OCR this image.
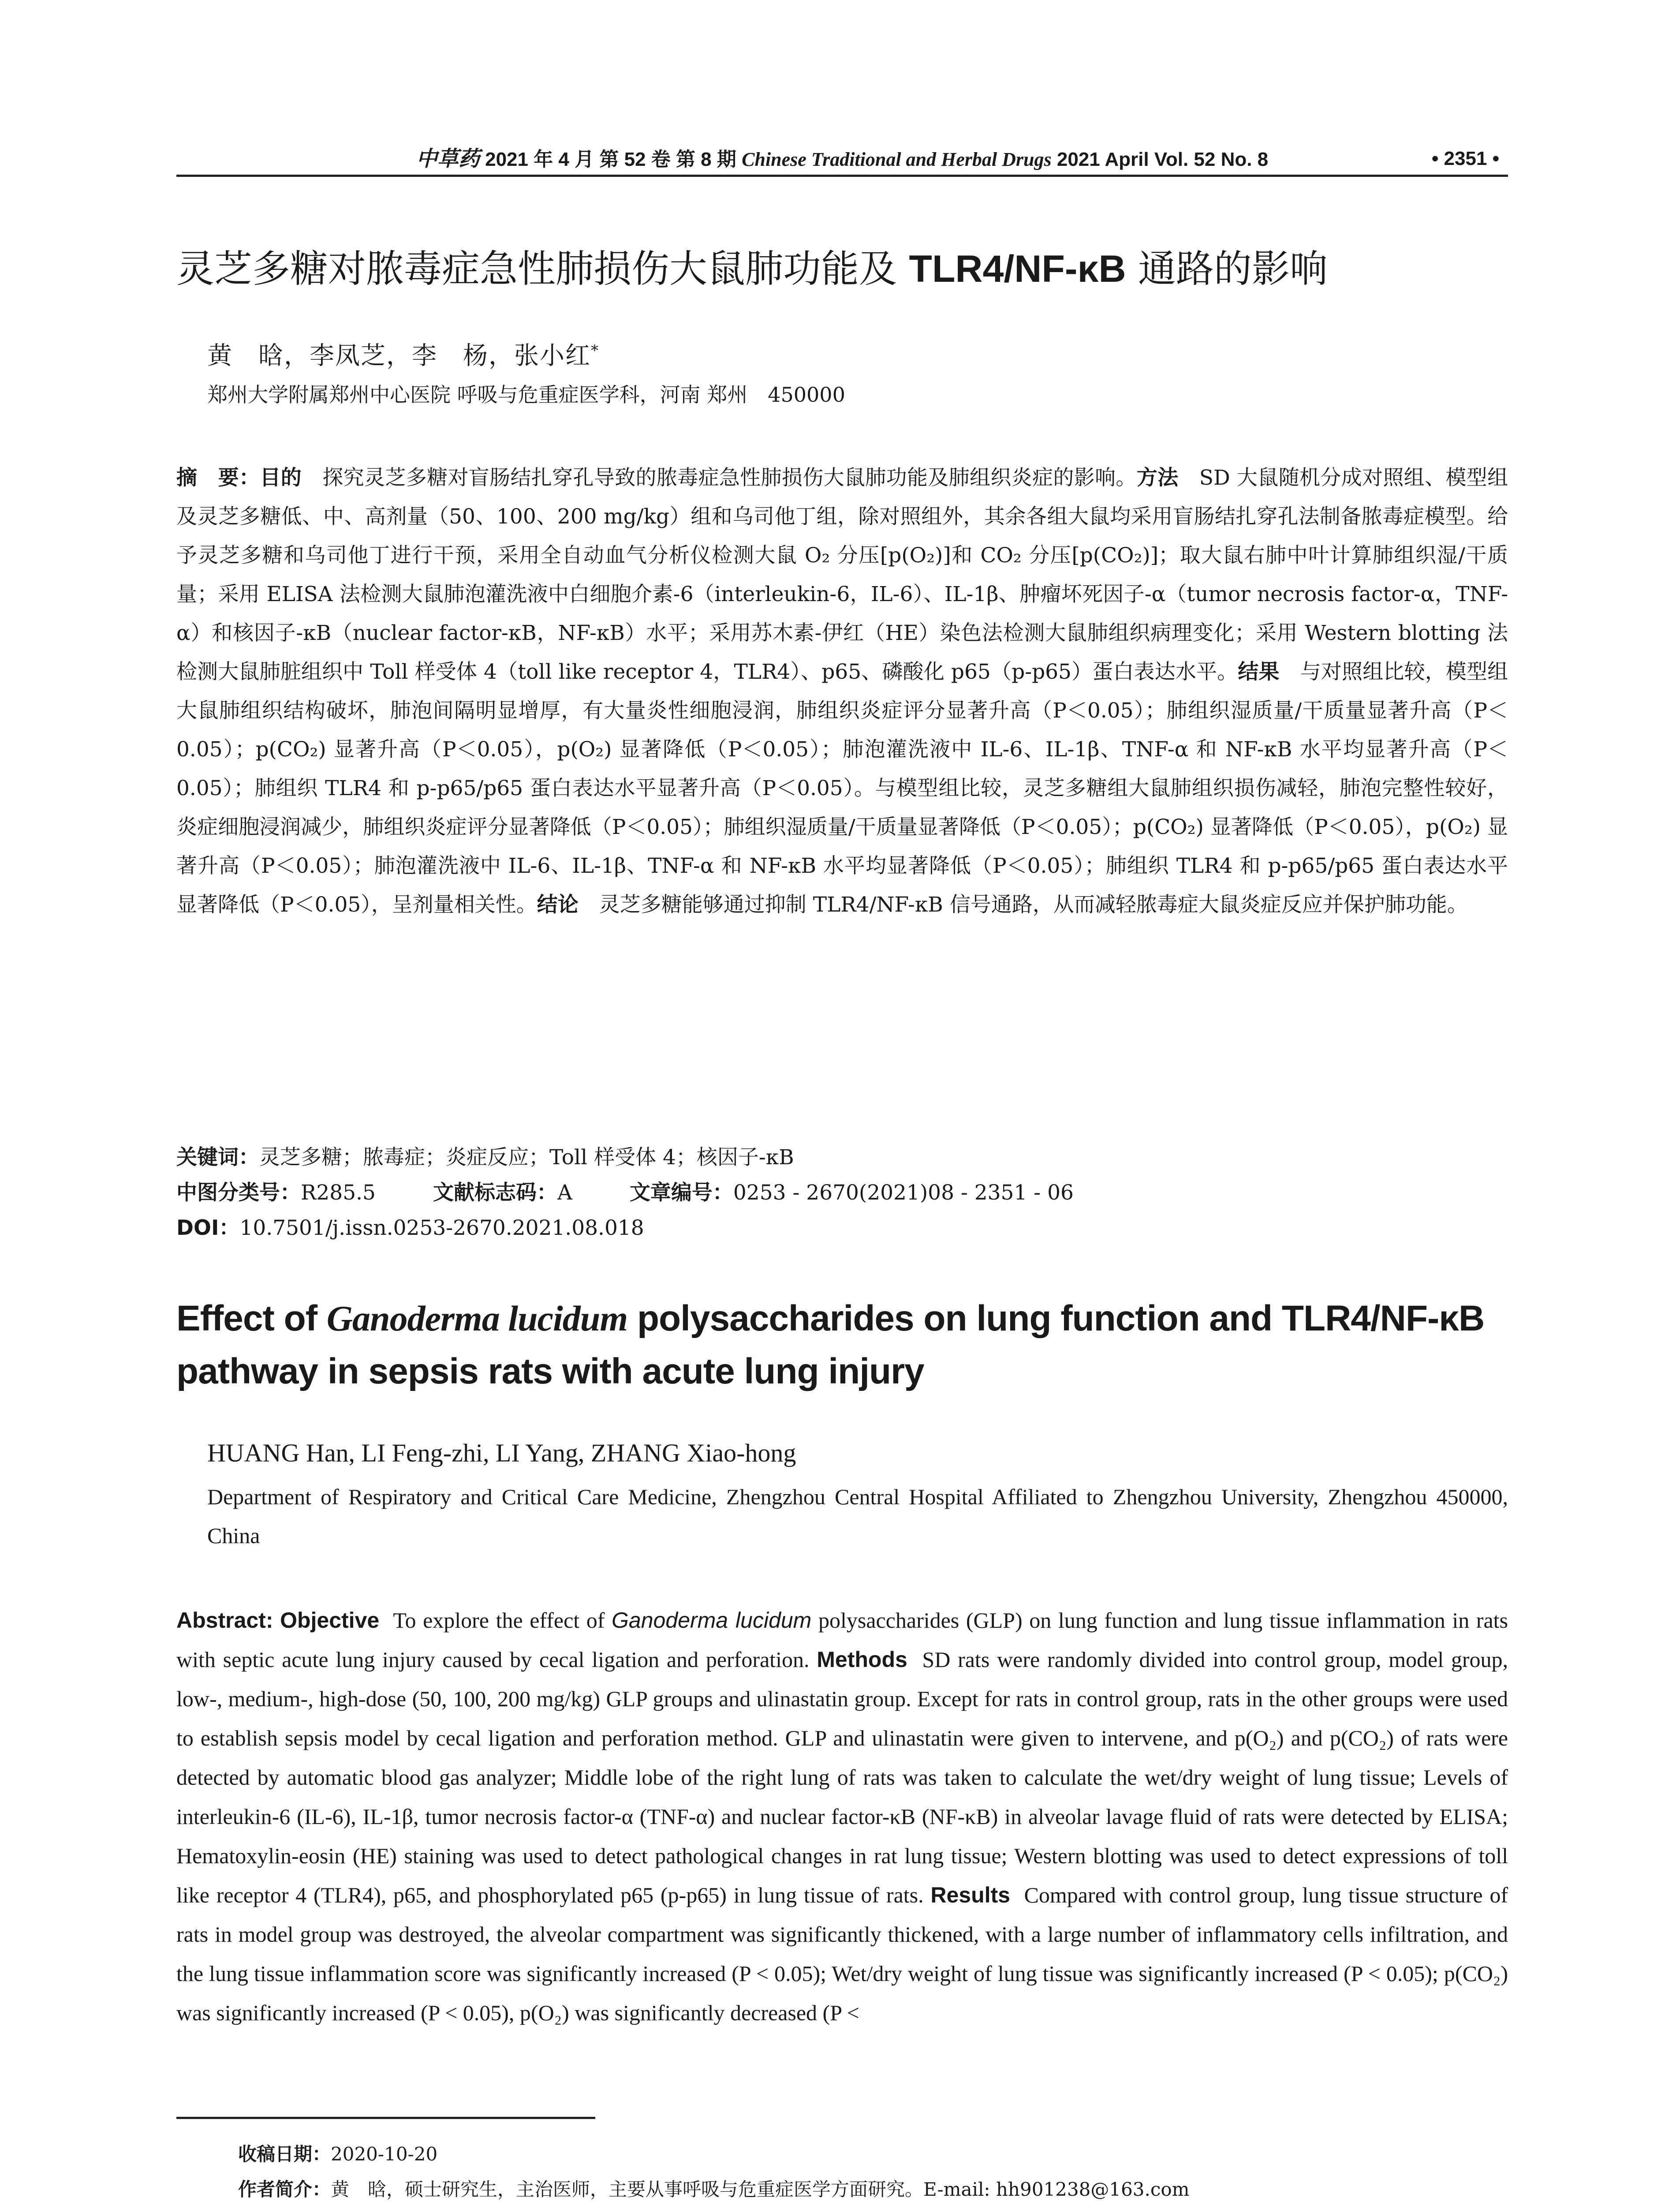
中草药 2021 年 4 月 第 52 卷 第 8 期 Chinese Traditional and Herbal Drugs 2021 April Vol. 52 No. 8	• 2351 •
灵芝多糖对脓毒症急性肺损伤大鼠肺功能及 TLR4/NF-κB 通路的影响
黄　晗，李凤芝，李　杨，张小红*
郑州大学附属郑州中心医院 呼吸与危重症医学科，河南 郑州　450000
摘　要：目的　 探究灵芝多糖对盲肠结扎穿孔导致的脓毒症急性肺损伤大鼠肺功能及肺组织炎症的影响。方法　 SD 大鼠随机分成对照组、模型组及灵芝多糖低、中、高剂量（50、100、200 mg/kg）组和乌司他丁组，除对照组外，其余各组大鼠均采用盲肠结扎穿孔法制备脓毒症模型。给予灵芝多糖和乌司他丁进行干预，采用全自动血气分析仪检测大鼠 O₂ 分压[p(O₂)]和 CO₂ 分压[p(CO₂)]；取大鼠右肺中叶计算肺组织湿/干质量；采用 ELISA 法检测大鼠肺泡灌洗液中白细胞介素-6（interleukin-6，IL-6）、IL-1β、肿瘤坏死因子-α（tumor necrosis factor-α，TNF-α）和核因子-κB（nuclear factor-κB，NF-κB）水平；采用苏木素-伊红（HE）染色法检测大鼠肺组织病理变化；采用 Western blotting 法检测大鼠肺脏组织中 Toll 样受体 4（toll like receptor 4，TLR4）、p65、磷酸化 p65（p-p65）蛋白表达水平。结果　 与对照组比较，模型组大鼠肺组织结构破坏，肺泡间隔明显增厚，有大量炎性细胞浸润，肺组织炎症评分显著升高（P＜0.05）；肺组织湿质量/干质量显著升高（P＜0.05）；p(CO₂) 显著升高（P＜0.05），p(O₂) 显著降低（P＜0.05）；肺泡灌洗液中 IL-6、IL-1β、TNF-α 和 NF-κB 水平均显著升高（P＜0.05）；肺组织 TLR4 和 p-p65/p65 蛋白表达水平显著升高（P＜0.05）。与模型组比较，灵芝多糖组大鼠肺组织损伤减轻，肺泡完整性较好，炎症细胞浸润减少，肺组织炎症评分显著降低（P＜0.05）；肺组织湿质量/干质量显著降低（P＜0.05）；p(CO₂) 显著降低（P＜0.05），p(O₂) 显著升高（P＜0.05）；肺泡灌洗液中 IL-6、IL-1β、TNF-α 和 NF-κB 水平均显著降低（P＜0.05）；肺组织 TLR4 和 p-p65/p65 蛋白表达水平显著降低（P＜0.05），呈剂量相关性。结论　 灵芝多糖能够通过抑制 TLR4/NF-κB 信号通路，从而减轻脓毒症大鼠炎症反应并保护肺功能。
关键词：灵芝多糖；脓毒症；炎症反应；Toll 样受体 4；核因子-κB
中图分类号：R285.5	文献标志码：A	文章编号：0253 - 2670(2021)08 - 2351 - 06
DOI：10.7501/j.issn.0253-2670.2021.08.018
Effect of Ganoderma lucidum polysaccharides on lung function and TLR4/NF-κB pathway in sepsis rats with acute lung injury
HUANG Han, LI Feng-zhi, LI Yang, ZHANG Xiao-hong
Department of Respiratory and Critical Care Medicine, Zhengzhou Central Hospital Affiliated to Zhengzhou University, Zhengzhou 450000, China
Abstract: Objective To explore the effect of Ganoderma lucidum polysaccharides (GLP) on lung function and lung tissue inflammation in rats with septic acute lung injury caused by cecal ligation and perforation. Methods SD rats were randomly divided into control group, model group, low-, medium-, high-dose (50, 100, 200 mg/kg) GLP groups and ulinastatin group. Except for rats in control group, rats in the other groups were used to establish sepsis model by cecal ligation and perforation method. GLP and ulinastatin were given to intervene, and p(O₂) and p(CO₂) of rats were detected by automatic blood gas analyzer; Middle lobe of the right lung of rats was taken to calculate the wet/dry weight of lung tissue; Levels of interleukin-6 (IL-6), IL-1β, tumor necrosis factor-α (TNF-α) and nuclear factor-κB (NF-κB) in alveolar lavage fluid of rats were detected by ELISA; Hematoxylin-eosin (HE) staining was used to detect pathological changes in rat lung tissue; Western blotting was used to detect expressions of toll like receptor 4 (TLR4), p65, and phosphorylated p65 (p-p65) in lung tissue of rats. Results Compared with control group, lung tissue structure of rats in model group was destroyed, the alveolar compartment was significantly thickened, with a large number of inflammatory cells infiltration, and the lung tissue inflammation score was significantly increased (P < 0.05); Wet/dry weight of lung tissue was significantly increased (P < 0.05); p(CO₂) was significantly increased (P < 0.05), p(O₂) was significantly decreased (P <
收稿日期：2020-10-20
作者简介：黄　晗，硕士研究生，主治医师，主要从事呼吸与危重症医学方面研究。E-mail: hh901238@163.com
